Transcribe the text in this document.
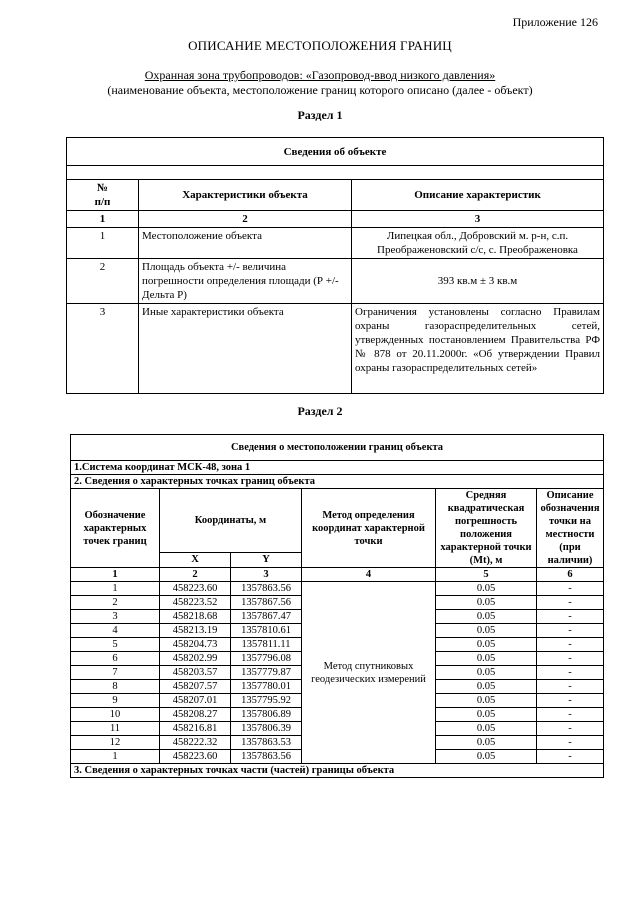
Приложение 126
ОПИСАНИЕ МЕСТОПОЛОЖЕНИЯ ГРАНИЦ
Охранная зона трубопроводов: «Газопровод-ввод низкого давления»
(наименование объекта, местоположение границ которого описано (далее - объект)
Раздел 1
Сведения об объекте		

№
п/п	Характеристики объекта	Описание характеристик
1	2	3
1	Местоположение объекта	Липецкая обл., Добровский м. р-н, с.п. Преображеновский с/с, с. Преображеновка
2	Площадь объекта +/- величина погрешности определения площади (Р +/- Дельта Р)	393 кв.м ± 3 кв.м
3	Иные характеристики объекта	Ограничения установлены согласно Правилам охраны газораспределительных сетей, утвержденных постановлением Правительства РФ № 878 от 20.11.2000г. «Об утверждении Правил охраны газораспределительных сетей»
Раздел 2
Сведения о местоположении границ объекта					
1.Система координат МСК-48, зона 1					
2. Сведения о характерных точках границ объекта					
Обозначение характерных точек границ	Координаты, м		Метод определения координат характерной точки	Средняя квадратическая погрешность положения характерной точки (Mt), м	Описание обозначения точки на местности (при наличии)
	X	Y			
1	2	3	4	5	6
1	458223.60	1357863.56	Метод спутниковых геодезических измерений	0.05	-
2	458223.52	1357867.56		0.05	-
3	458218.68	1357867.47		0.05	-
4	458213.19	1357810.61		0.05	-
5	458204.73	1357811.11		0.05	-
6	458202.99	1357796.08		0.05	-
7	458203.57	1357779.87		0.05	-
8	458207.57	1357780.01		0.05	-
9	458207.01	1357795.92		0.05	-
10	458208.27	1357806.89		0.05	-
11	458216.81	1357806.39		0.05	-
12	458222.32	1357863.53		0.05	-
1	458223.60	1357863.56		0.05	-
3. Сведения о характерных точках части (частей) границы объекта					
